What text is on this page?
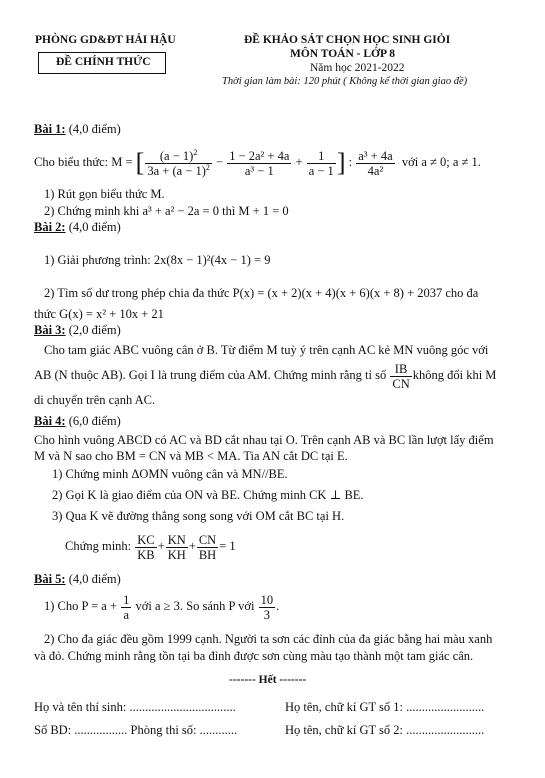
PHÒNG GD&ĐT HẢI HẬU
ĐỀ CHÍNH THỨC
ĐỀ KHẢO SÁT CHỌN HỌC SINH GIỎI
MÔN TOÁN - LỚP 8
Năm học 2021-2022
Thời gian làm bài: 120 phút ( Không kể thời gian giao đề)
Bài 1: (4,0 điểm)
Cho biểu thức: M = [ $\frac{(a - 1)^2}{3a + (a - 1)^2} - \frac{\text{1 − 2a² + 4a}}{\text{a³ − 1}} + \frac{1}{a - 1}$ ] : $\frac{\text{a³ + 4a}}{\text{4a²}}$ với a ≠ 0; a ≠ 1.
1) Rút gọn biểu thức M.
2) Chứng minh khi a³ + a² − 2a = 0 thì M + 1 = 0
Bài 2: (4,0 điểm)
1) Giải phương trình: 2x(8x − 1)²(4x − 1) = 9
2) Tìm số dư trong phép chia đa thức P(x) = (x + 2)(x + 4)(x + 6)(x + 8) + 2037 cho đa
thức G(x) = x² + 10x + 21
Bài 3: (2,0 điểm)
Cho tam giác ABC vuông cân ở B. Từ điểm M tuỳ ý trên cạnh AC kẻ MN vuông góc với
AB (N thuộc AB). Gọi I là trung điểm của AM. Chứng minh rằng tỉ số $\frac{IB}{CN}$ không đổi khi M
di chuyển trên cạnh AC.
Bài 4: (6,0 điểm)
Cho hình vuông ABCD có AC và BD cắt nhau tại O. Trên cạnh AB và BC lần lượt lấy điểm
M và N sao cho BM = CN và MB < MA. Tia AN cắt DC tại E.
1) Chứng minh ΔOMN vuông cân và MN//BE.
2) Gọi K là giao điểm của ON và BE. Chứng minh CK ⊥ BE.
3) Qua K vẽ đường thẳng song song với OM cắt BC tại H.
Chứng minh: $\frac{KC}{KB} + \frac{KN}{KH} + \frac{CN}{BH} = 1$
Bài 5: (4,0 điểm)
1) Cho $P = a + \frac{1}{a}$ với a ≥ 3. So sánh P với $\frac{10}{3}$ .
2) Cho đa giác đều gồm 1999 cạnh. Người ta sơn các đỉnh của đa giác bằng hai màu xanh
và đỏ. Chứng minh rằng tồn tại ba đỉnh được sơn cùng màu tạo thành một tam giác cân.
------- Hết -------
Họ và tên thí sinh: ..................................	Họ tên, chữ kí GT số 1: .........................
Số BD: ................. Phòng thi số: ............	Họ tên, chữ kí GT số 2: .........................
